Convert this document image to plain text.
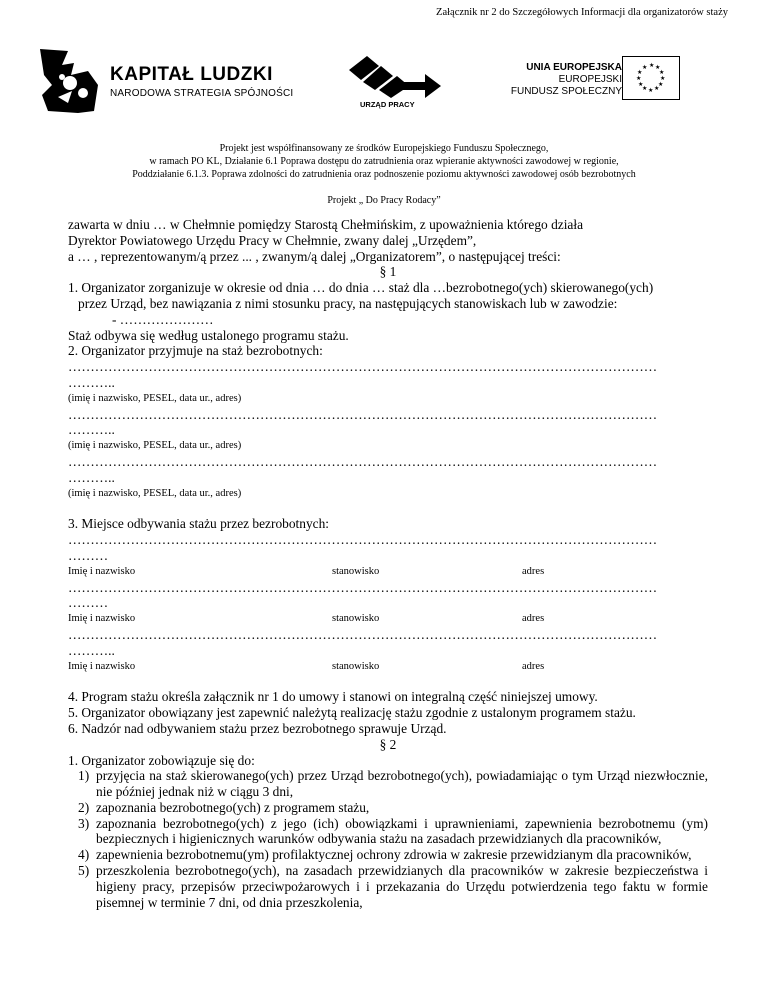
Załącznik nr 2 do Szczegółowych Informacji dla organizatorów staży
KAPITAŁ LUDZKI
NARODOWA STRATEGIA SPÓJNOŚCI
URZĄD PRACY
UNIA EUROPEJSKA
EUROPEJSKI
FUNDUSZ SPOŁECZNY
★ ★
★
★
★
★
★
★
★
★
★
★
Projekt jest współfinansowany ze środków Europejskiego Funduszu Społecznego,
w ramach PO KL, Działanie 6.1 Poprawa dostępu do zatrudnienia oraz wpieranie aktywności zawodowej w regionie,
Poddziałanie 6.1.3. Poprawa zdolności do zatrudnienia oraz podnoszenie poziomu aktywności zawodowej osób bezrobotnych
Projekt „ Do Pracy Rodacy”

zawarta w dniu … w Chełmnie pomiędzy Starostą Chełmińskim, z upoważnienia którego działa

Dyrektor Powiatowego Urzędu Pracy w Chełmnie, zwany dalej „Urzędem”,

a … , reprezentowanym/ą przez ... , zwanym/ą dalej „Organizatorem”, o następującej treści:

§ 1

1. Organizator zorganizuje w okresie od dnia … do dnia … staż dla …bezrobotnego(ych) skierowanego(ych)

przez Urząd, bez nawiązania z nimi stosunku pracy, na następujących stanowiskach lub w zawodzie:

- …………………

Staż odbywa się według ustalonego programu stażu.

2. Organizator przyjmuje na staż bezrobotnych:

……………………………………………………………………………………………………………………

………..

(imię i nazwisko, PESEL, data ur., adres)

……………………………………………………………………………………………………………………

………..

(imię i nazwisko, PESEL, data ur., adres)

……………………………………………………………………………………………………………………

………..

(imię i nazwisko, PESEL, data ur., adres)

3. Miejsce odbywania stażu przez bezrobotnych:

……………………………………………………………………………………………………………………

………

Imię i nazwisko	stanowisko	adres

……………………………………………………………………………………………………………………

………

Imię i nazwisko	stanowisko	adres

……………………………………………………………………………………………………………………

………..

Imię i nazwisko	stanowisko	adres

4. Program stażu określa załącznik nr 1 do umowy i stanowi on integralną część niniejszej umowy.

5. Organizator obowiązany jest zapewnić należytą realizację stażu zgodnie z ustalonym programem stażu.

6. Nadzór nad odbywaniem stażu przez bezrobotnego sprawuje Urząd.

§ 2

1. Organizator zobowiązuje się do:

1) przyjęcia na staż skierowanego(ych) przez Urząd bezrobotnego(ych), powiadamiając o tym Urząd niezwłocznie, nie później jednak niż w ciągu 3 dni,
2) zapoznania bezrobotnego(ych) z programem stażu,
3) zapoznania bezrobotnego(ych) z jego (ich) obowiązkami i uprawnieniami, zapewnienia bezrobotnemu (ym) bezpiecznych i higienicznych warunków odbywania stażu na zasadach przewidzianych dla pracowników,
4) zapewnienia bezrobotnemu(ym) profilaktycznej ochrony zdrowia w zakresie przewidzianym dla pracowników,
5) przeszkolenia bezrobotnego(ych), na zasadach przewidzianych dla pracowników w zakresie bezpieczeństwa i higieny pracy, przepisów przeciwpożarowych i i przekazania do Urzędu potwierdzenia tego faktu w formie pisemnej w terminie 7 dni, od dnia przeszkolenia,
